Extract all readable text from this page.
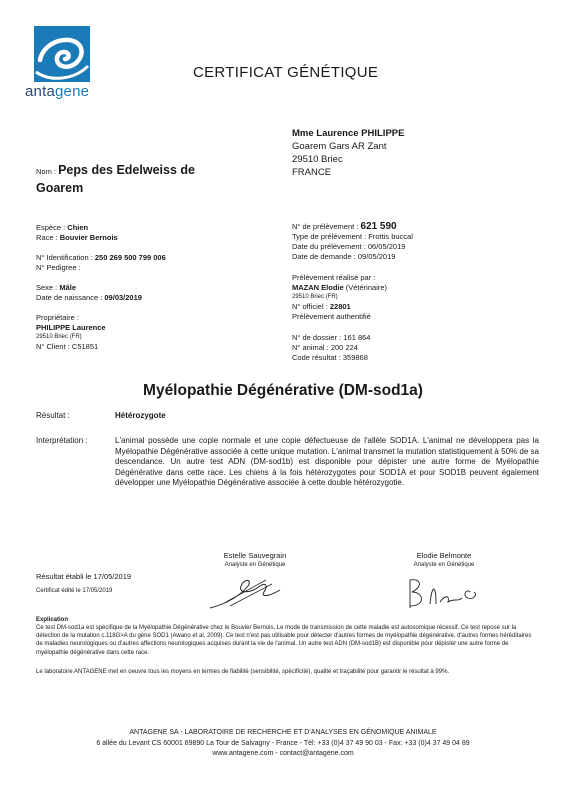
antagene
CERTIFICAT GÉNÉTIQUE
Mme Laurence PHILIPPE
Goarem Gars AR Zant
29510 Briec
FRANCE
Nom : Peps des Edelweiss de
Goarem
Espèce : Chien
Race : Bouvier Bernois
N° Identification : 250 269 500 799 006
N° Pedigree :
Sexe : Mâle
Date de naissance : 09/03/2019
Propriétaire :
PHILIPPE Laurence
29510 Briec (FR)
N° Client : C51851
N° de prélèvement : 621 590
Type de prélèvement : Frottis buccal
Date du prélèvement : 06/05/2019
Date de demande : 09/05/2019
Prélèvement réalisé par :
MAZAN Elodie (Vétérinaire)
29510 Briec (FR)
N° officiel : 22801
Prélèvement authentifié
N° de dossier : 161 864
N° animal : 200 224
Code résultat : 359868
Myélopathie Dégénérative (DM-sod1a)
Résultat :	Hétérozygote
Interprétation :	L'animal possède une copie normale et une copie défectueuse de l'allèle SOD1A. L'animal ne développera pas la Myélopathie Dégénérative associée à cette unique mutation. L'animal transmet la mutation statistiquement à 50% de sa descendance. Un autre test ADN (DM-sod1b) est disponible pour dépister une autre forme de Myélopathie Dégénérative dans cette race. Les chiens à la fois hétérozygotes pour SOD1A et pour SOD1B peuvent également développer une Myélopathie Dégénérative associée à cette double hétérozygotie.
Estelle Sauvegrain
Analyste en Génétique
Elodie Belmonte
Analyste en Génétique
Résultat établi le 17/05/2019
Certificat édité le 17/05/2019
Explication
Ce test DM-sod1a est spécifique de la Myélopathie Dégénérative chez le Bouvier Bernois. Le mode de transmission de cette maladie est autosomique récessif. Ce test repose sur la détection de la mutation c.118G>A du gène SOD1 (Awano et al. 2009). Ce test n'est pas utilisable pour détecter d'autres formes de myélopathie dégénérative, d'autres formes héréditaires de maladies neurologiques ou d'autres affections neurologiques acquises durant la vie de l'animal. Un autre test ADN (DM-sod1B) est disponible pour dépister une autre forme de myélopathie dégénérative dans cette race.
Le laboratoire ANTAGENE met en oeuvre tous les moyens en termes de fiabilité (sensibilité, spécificité), qualité et traçabilité pour garantir le résultat à 99%.
ANTAGENE SA - LABORATOIRE DE RECHERCHE ET D'ANALYSES EN GÉNOMIQUE ANIMALE
6 allée du Levant CS 60001 69890 La Tour de Salvagny - France - Tél: +33 (0)4 37 49 90 03 - Fax: +33 (0)4 37 49 04 89
www.antagene.com - contact@antagene.com
